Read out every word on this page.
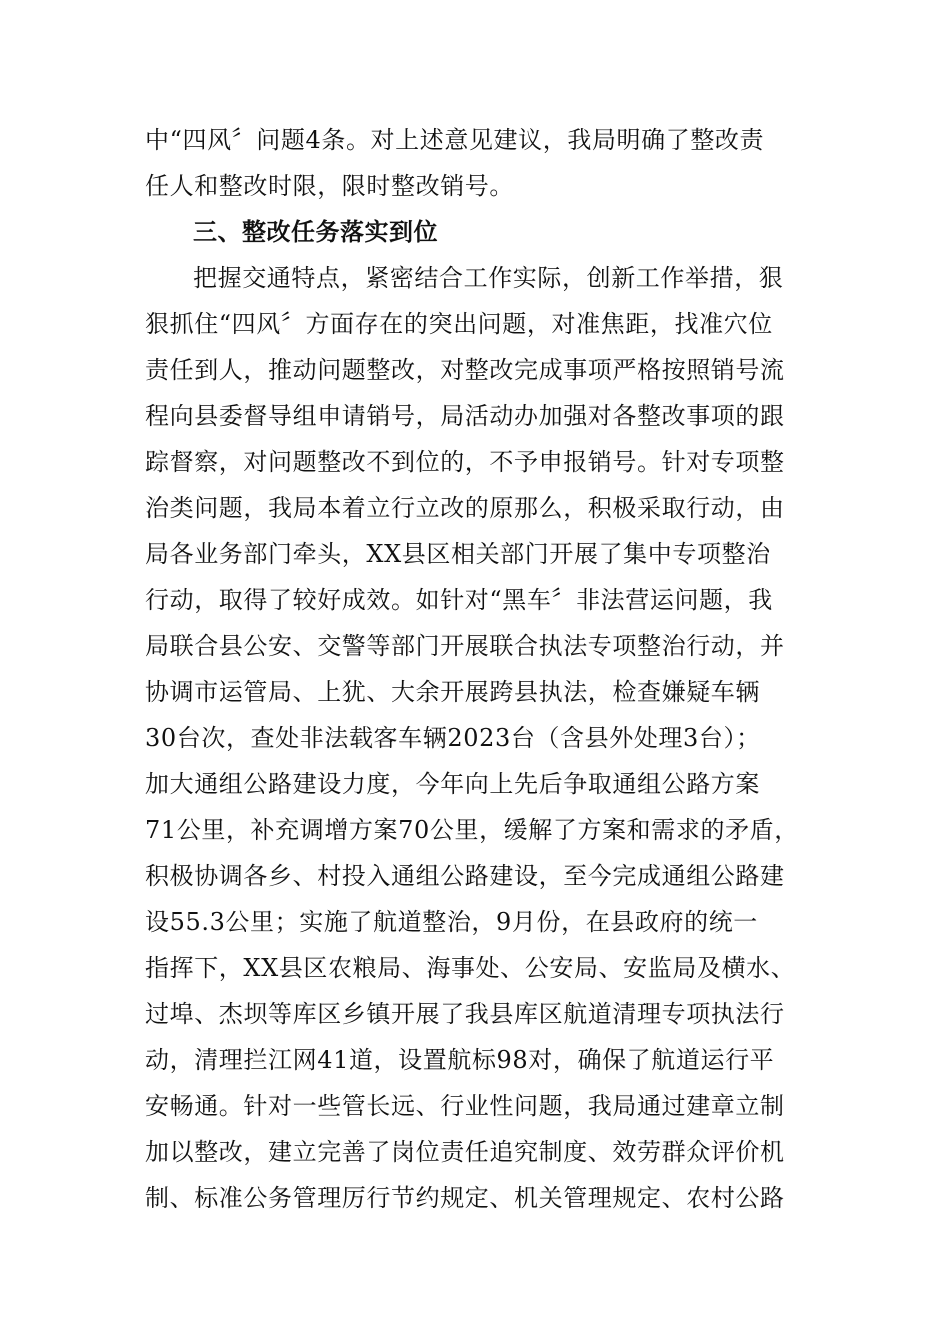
中“四风〞问题4条。对上述意见建议，我局明确了整改责
任人和整改时限，限时整改销号。
三、整改任务落实到位
把握交通特点，紧密结合工作实际，创新工作举措，狠
狠抓住“四风〞方面存在的突出问题，对准焦距，找准穴位
责任到人，推动问题整改，对整改完成事项严格按照销号流
程向县委督导组申请销号，局活动办加强对各整改事项的跟
踪督察，对问题整改不到位的，不予申报销号。针对专项整
治类问题，我局本着立行立改的原那么，积极采取行动，由
局各业务部门牵头，XX县区相关部门开展了集中专项整治
行动，取得了较好成效。如针对“黑车〞非法营运问题，我
局联合县公安、交警等部门开展联合执法专项整治行动，并
协调市运管局、上犹、大余开展跨县执法，检查嫌疑车辆
30台次，查处非法载客车辆2023台（含县外处理3台）；
加大通组公路建设力度，今年向上先后争取通组公路方案
71公里，补充调增方案70公里，缓解了方案和需求的矛盾，
积极协调各乡、村投入通组公路建设，至今完成通组公路建
设55.3公里；实施了航道整治，9月份，在县政府的统一
指挥下，XX县区农粮局、海事处、公安局、安监局及横水、
过埠、杰坝等库区乡镇开展了我县库区航道清理专项执法行
动，清理拦江网41道，设置航标98对，确保了航道运行平
安畅通。针对一些管长远、行业性问题，我局通过建章立制
加以整改，建立完善了岗位责任追究制度、效劳群众评价机
制、标准公务管理厉行节约规定、机关管理规定、农村公路
